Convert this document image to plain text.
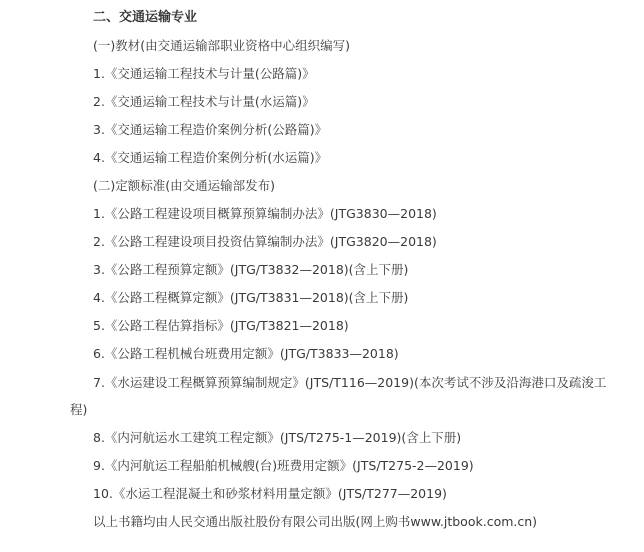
二、交通运输专业
(一)教材(由交通运输部职业资格中心组织编写)
1.《交通运输工程技术与计量(公路篇)》
2.《交通运输工程技术与计量(水运篇)》
3.《交通运输工程造价案例分析(公路篇)》
4.《交通运输工程造价案例分析(水运篇)》
(二)定额标准(由交通运输部发布)
1.《公路工程建设项目概算预算编制办法》(JTG3830—2018)
2.《公路工程建设项目投资估算编制办法》(JTG3820—2018)
3.《公路工程预算定额》(JTG/T3832—2018)(含上下册)
4.《公路工程概算定额》(JTG/T3831—2018)(含上下册)
5.《公路工程估算指标》(JTG/T3821—2018)
6.《公路工程机械台班费用定额》(JTG/T3833—2018)
7.《水运建设工程概算预算编制规定》(JTS/T116—2019)(本次考试不涉及沿海港口及疏浚工
程)
8.《内河航运水工建筑工程定额》(JTS/T275-1—2019)(含上下册)
9.《内河航运工程船舶机械艘(台)班费用定额》(JTS/T275-2—2019)
10.《水运工程混凝土和砂浆材料用量定额》(JTS/T277—2019)
以上书籍均由人民交通出版社股份有限公司出版(网上购书www.jtbook.com.cn)
